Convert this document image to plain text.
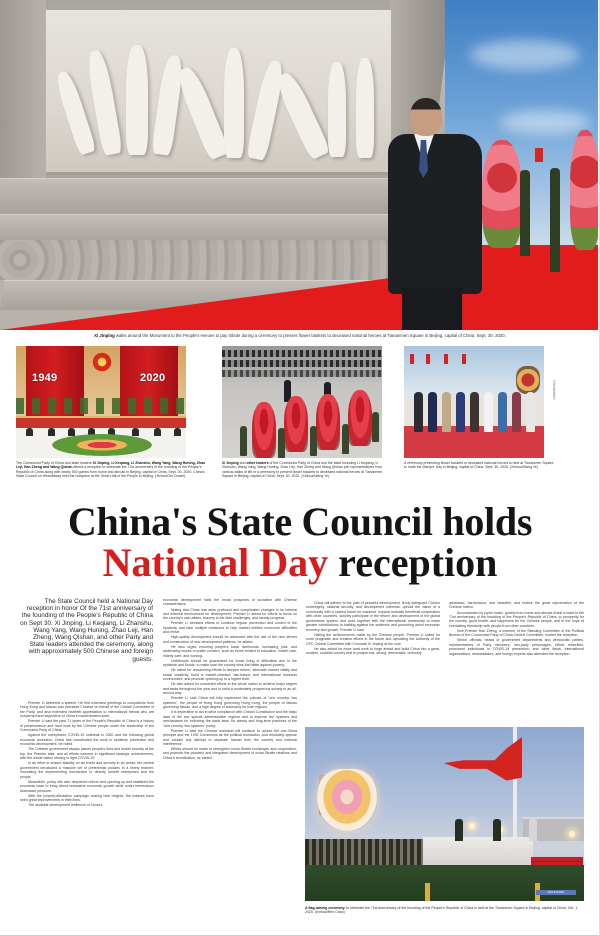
Xi Jinping walks around the Monument to the People's Heroes to pay tribute during a ceremony to present flower baskets to deceased national heroes at Tiananmen Square in Beijing, capital of China, Sept. 30, 2020.
1949	2020
ChinaWatch
The Communist Party of China and state leaders Xi Jinping, Li Keqiang, Li Zhanshu, Wang Yang, Wang Huning, Zhao Leji, Han Zheng and Wang Qishan attend a reception to celebrate the 71st anniversary of the founding of the People's Republic of China along with nearly 500 guests from home and abroad in Beijing, capital of China, Sept. 30, 2020. China's State Council on Wednesday held the reception at the Great Hall of the People in Beijing. (Xinhua/Xie Duwei)
Xi Jinping and other leaders of the Communist Party of China and the state including Li Keqiang, Li Zhanshu, Wang Yang, Wang Huning, Zhao Leji, Han Zheng and Wang Qishan join representatives from various walks of life in a ceremony to present flower baskets to deceased national heroes at Tiananmen Square in Beijing, capital of China, Sept. 30, 2020. (Xinhua/Wang Ye)
A ceremony presenting flower baskets to deceased national heroes is held at Tiananmen Square to mark the Martyrs' Day in Beijing, capital of China, Sept. 30, 2020. (Xinhua/Wang Ye)
China's State Council holds
National Day reception
The State Council held a National Day reception in honor Of the 71st anniversary of the founding of the People's Republic of China on Sept 30. Xi Jinping, Li Keqiang, Li Zhanshu, Wang Yang, Wang Huning, Zhao Leji, Han Zheng, Wang Qishan, and other Party and State leaders attended the ceremony, along with approximately 500 Chinese and foreign guests.

Premier Li delivered a speech. He first extended greetings to compatriots from Hong Kong and Macao and overseas Chinese on behalf of the Central Committee of the Party, and also extended heartfelt appreciation to international friends who are concerned and supportive of China's modernization work.

Premier Li said the past 71 years of the People's Republic of China is a history of perseverance and hard work by the Chinese people under the leadership of the Communist Party of China.

Against the unexpected COVID-19 outbreak in 2020 and the following global economic recession, China has coordinated the work in epidemic prevention and economic development, he noted.

The Chinese government always places people's lives and health security at the top, the Premier said, and all efforts ushered in significant strategic achievements, with the whole nation striving to fight COVID-19.

In an effort to ensure stability on six fronts and security in six areas, the central government introduced a massive set of preferential policies in a timely manner, innovating the implementing mechanism to directly benefit enterprises and the people.

Meanwhile, policy kits also deepened reform and opening-up and stabilized the economic base to bring about restorative economic growth while under tremendous downward pressure.

With the poverty-alleviation campaign scaling new heights, the masses have seen great improvements in their lives.

The laudable development resilience of China's

economic development hails the broad prospects of socialism with Chinese characteristics.

Noting that China has seen profound and complicated changes in its internal and external environment for development, Premier Li asked for efforts to focus on the country's own affairs, bravery in the face challenges, and steady progress.

Premier Li stressed efforts to continue regular prevention and control of the epidemic and take multiple measures to help market entities overcome difficulties and revive.

High-quality development should be advanced with the rise of the new drivers and construction of new development patterns, he added.

He also urged ensuring people's basic livelihoods, increasing jobs, and addressing issues of public concern, such as those related to education, health care, elderly care, and nursing.

Livelihoods should be guaranteed for those living in difficulties due to the epidemic and floods, to make sure the country wins the battle against poverty.

He called for unwavering efforts to deepen reform, stimulate market vitality and social creativity, build a market-oriented, law-based, and international business environment, and promote opening-up to a higher level.

He also asked for concerted efforts in the whole nation to achieve major targets and tasks throughout the year and to build a moderately prosperous society in an all-around way.

Premier Li said China will fully implement the policies of "one country, two systems", the people of Hong Kong governing Hong Kong, the people of Macao governing Macao, and a high degree of autonomy for both regions.

It is imperative to act in strict compliance with China's Constitution and the basic laws of the two special administrative regions and to improve the systems and mechanisms for enforcing the basic laws, for steady and long-term practices of the "one country, two systems" policy.

Premier Li said the Chinese mainland will continue to uphold the one-China principle and the 1992 Consensus as the political foundation, and resolutely oppose and contain any attempt to separate Taiwan from the country and external interference.

Efforts should be made to strengthen cross-Straits exchanges and cooperation, and promote the peaceful and integrated development of cross-Straits relations and China's reunification, he added.

China will adhere to the path of peaceful development, firmly safeguard China's sovereignty, national security, and development interests, uphold the vision of a community with a shared future for mankind, expand mutually beneficial cooperation with other countries, actively participate in the reform and development of the global governance system, and work together with the international community to make greater contributions to battling against the epidemic and promoting world economic recovery and growth, Premier Li said.

Hailing the achievements made by the Chinese people, Premier Li called for more pragmatic and creative efforts in the future and upholding the authority of the CPC Central Committee with Comrade Xi Jinping at the core.

He also asked for more hard work to forge ahead and build China into a great, modern, socialist country that is prosperous, strong, democratic, culturally

advanced, harmonious, and beautiful, and realize the great rejuvenation of the Chinese nation.

Accompanied by joyful music, guests from home and abroad drank a toast to the 71st anniversary of the founding of the People's Republic of China, to prosperity for the country, good health, and happiness for the Chinese people, and to the hope of everlasting friendship with people from other countries.

Vice-Premier Han Zheng, a member of the Standing Committee of the Political Bureau of the Communist Party of China Central Committee, hosted the reception.

Senior officials, heads of government departments and democratic parties, representatives of Party members, non-party personages, ethnic minorities, prominent individuals in COVID-19 prevention, and other fields, international organizations, ambassadors, and foreign experts also attended the reception.

XINHUANET
A flag-raising ceremony to celebrate the 71st anniversary of the founding of the People's Republic of China is held at the Tiananmen Square in Beijing, capital of China, Oct. 1, 2020. (Xinhua/Ren Chao)
